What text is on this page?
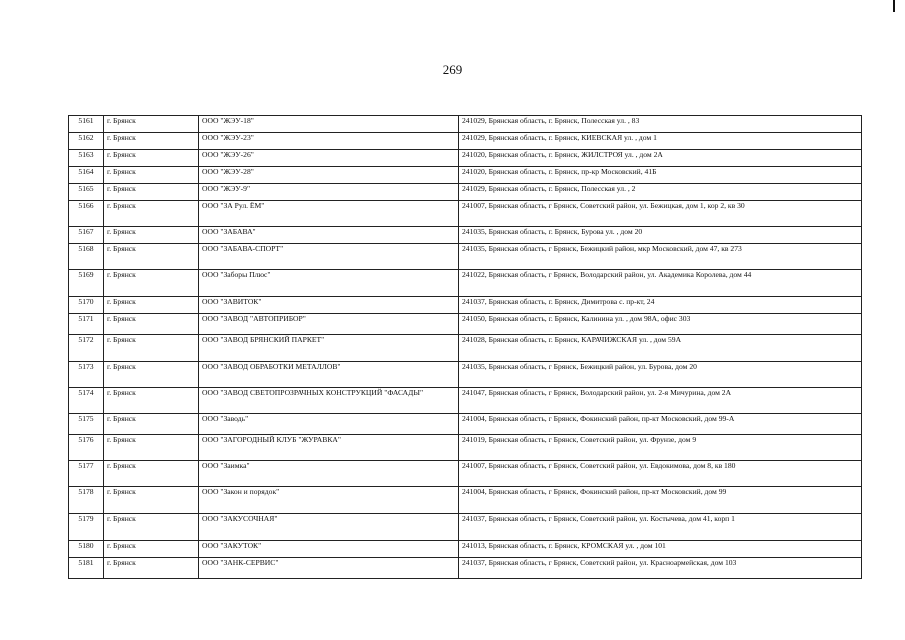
269
5161	г. Брянск	ООО "ЖЭУ-18"	241029, Брянская область, г. Брянск, Полесская ул. , 83
5162	г. Брянск	ООО "ЖЭУ-23"	241029, Брянская область, г. Брянск, КИЕВСКАЯ ул. , дом 1
5163	г. Брянск	ООО "ЖЭУ-26"	241020, Брянская область, г. Брянск, ЖИЛСТРОЯ ул. , дом 2А
5164	г. Брянск	ООО "ЖЭУ-28"	241020, Брянская область, г. Брянск, пр-кр Московский, 41Б
5165	г. Брянск	ООО "ЖЭУ-9"	241029, Брянская область, г. Брянск, Полесская ул. , 2
5166	г. Брянск	ООО "ЗА Рул. ЁМ"	241007, Брянская область, г Брянск, Советский район, ул. Бежицкая, дом 1, кор 2, кв 30
5167	г. Брянск	ООО "ЗАБАВА"	241035, Брянская область, г. Брянск, Бурова ул. , дом 20
5168	г. Брянск	ООО "ЗАБАВА-СПОРТ"	241035, Брянская область, г Брянск, Бежицкий район, мкр Московский, дом 47, кв 273
5169	г. Брянск	ООО "Заборы Плюс"	241022, Брянская область, г Брянск, Володарский район, ул. Академика Королева, дом 44
5170	г. Брянск	ООО "ЗАВИТОК"	241037, Брянская область, г. Брянск, Димитрова с. пр-кт, 24
5171	г. Брянск	ООО "ЗАВОД "АВТОПРИБОР"	241050, Брянская область, г. Брянск, Калинина ул. , дом 98А, офис 303
5172	г. Брянск	ООО "ЗАВОД БРЯНСКИЙ ПАРКЕТ"	241028, Брянская область, г. Брянск, КАРАЧИЖСКАЯ ул. , дом 59А
5173	г. Брянск	ООО "ЗАВОД ОБРАБОТКИ МЕТАЛЛОВ"	241035, Брянская область, г Брянск, Бежицкий район, ул. Бурова, дом 20
5174	г. Брянск	ООО "ЗАВОД СВЕТОПРОЗРАЧНЫХ КОНСТРУКЦИЙ "ФАСАДЫ"	241047, Брянская область, г Брянск, Володарский район, ул. 2-я Мичурина, дом 2А
5175	г. Брянск	ООО "Заводь"	241004, Брянская область, г Брянск, Фокинский район, пр-кт Московский, дом 99-А
5176	г. Брянск	ООО "ЗАГОРОДНЫЙ КЛУБ "ЖУРАВКА"	241019, Брянская область, г Брянск, Советский район, ул. Фрунзе, дом 9
5177	г. Брянск	ООО "Заимка"	241007, Брянская область, г Брянск, Советский район, ул. Евдокимова, дом 8, кв 180
5178	г. Брянск	ООО "Закон и порядок"	241004, Брянская область, г Брянск, Фокинский район, пр-кт Московский, дом 99
5179	г. Брянск	ООО "ЗАКУСОЧНАЯ"	241037, Брянская область, г Брянск, Советский район, ул. Костычева, дом 41, корп 1
5180	г. Брянск	ООО "ЗАКУТОК"	241013, Брянская область, г. Брянск, КРОМСКАЯ ул. , дом 101
5181	г. Брянск	ООО "ЗАНК-СЕРВИС"	241037, Брянская область, г Брянск, Советский район, ул. Красноармейская, дом 103
